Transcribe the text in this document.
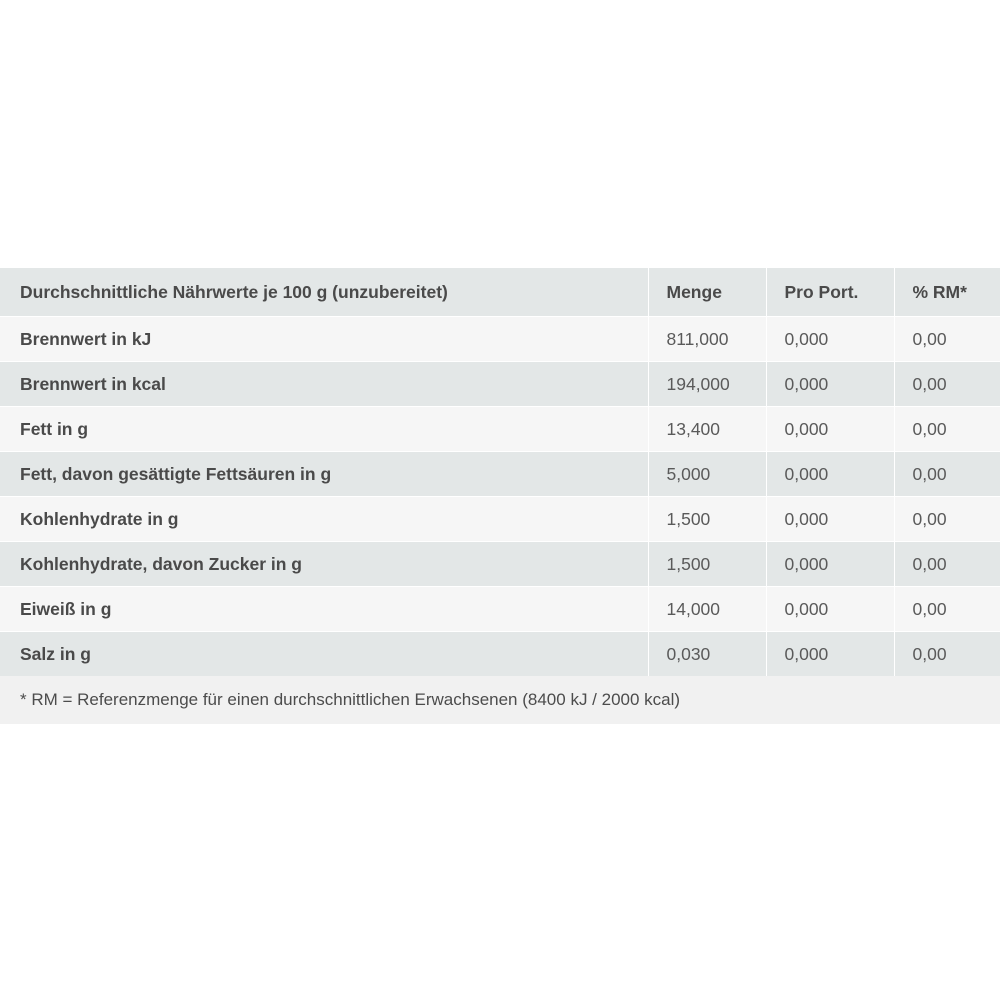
Durchschnittliche Nährwerte je 100 g (unzubereitet)	Menge	Pro Port.	% RM*
Brennwert in kJ	811,000	0,000	0,00
Brennwert in kcal	194,000	0,000	0,00
Fett in g	13,400	0,000	0,00
Fett, davon gesättigte Fettsäuren in g	5,000	0,000	0,00
Kohlenhydrate in g	1,500	0,000	0,00
Kohlenhydrate, davon Zucker in g	1,500	0,000	0,00
Eiweiß in g	14,000	0,000	0,00
Salz in g	0,030	0,000	0,00
* RM = Referenzmenge für einen durchschnittlichen Erwachsenen (8400 kJ / 2000 kcal)
